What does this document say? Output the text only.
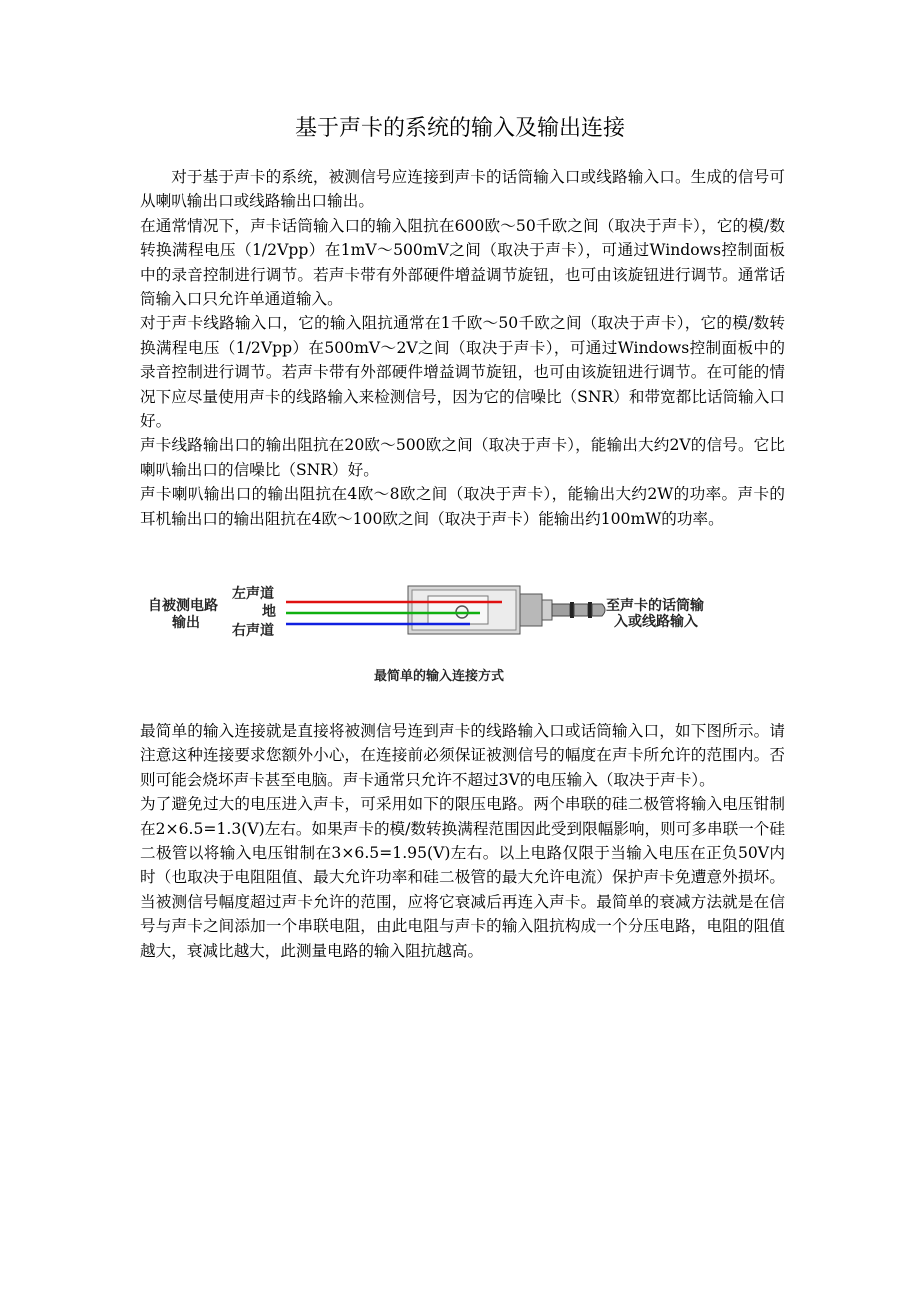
基于声卡的系统的输入及输出连接

对于基于声卡的系统，被测信号应连接到声卡的话筒输入口或线路输入口。生成的信号可从喇叭输出口或线路输出口输出。

在通常情况下，声卡话筒输入口的输入阻抗在600欧～50千欧之间（取决于声卡），它的模/数转换满程电压（1/2Vpp）在1mV～500mV之间（取决于声卡），可通过Windows控制面板中的录音控制进行调节。若声卡带有外部硬件增益调节旋钮，也可由该旋钮进行调节。通常话筒输入口只允许单通道输入。

对于声卡线路输入口，它的输入阻抗通常在1千欧～50千欧之间（取决于声卡），它的模/数转换满程电压（1/2Vpp）在500mV～2V之间（取决于声卡），可通过Windows控制面板中的录音控制进行调节。若声卡带有外部硬件增益调节旋钮，也可由该旋钮进行调节。在可能的情况下应尽量使用声卡的线路输入来检测信号，因为它的信噪比（SNR）和带宽都比话筒输入口好。

声卡线路输出口的输出阻抗在20欧～500欧之间（取决于声卡），能输出大约2V的信号。它比喇叭输出口的信噪比（SNR）好。

声卡喇叭输出口的输出阻抗在4欧～8欧之间（取决于声卡），能输出大约2W的功率。声卡的耳机输出口的输出阻抗在4欧～100欧之间（取决于声卡）能输出约100mW的功率。

自被测电路
输出
左声道
地
右声道
至声卡的话筒输
入或线路输入
最简单的输入连接方式

最简单的输入连接就是直接将被测信号连到声卡的线路输入口或话筒输入口，如下图所示。请注意这种连接要求您额外小心，在连接前必须保证被测信号的幅度在声卡所允许的范围内。否则可能会烧坏声卡甚至电脑。声卡通常只允许不超过3V的电压输入（取决于声卡）。

为了避免过大的电压进入声卡，可采用如下的限压电路。两个串联的硅二极管将输入电压钳制在2×6.5=1.3(V)左右。如果声卡的模/数转换满程范围因此受到限幅影响，则可多串联一个硅二极管以将输入电压钳制在3×6.5=1.95(V)左右。以上电路仅限于当输入电压在正负50V内时（也取决于电阻阻值、最大允许功率和硅二极管的最大允许电流）保护声卡免遭意外损坏。当被测信号幅度超过声卡允许的范围，应将它衰减后再连入声卡。最简单的衰减方法就是在信号与声卡之间添加一个串联电阻，由此电阻与声卡的输入阻抗构成一个分压电路，电阻的阻值越大，衰减比越大，此测量电路的输入阻抗越高。
